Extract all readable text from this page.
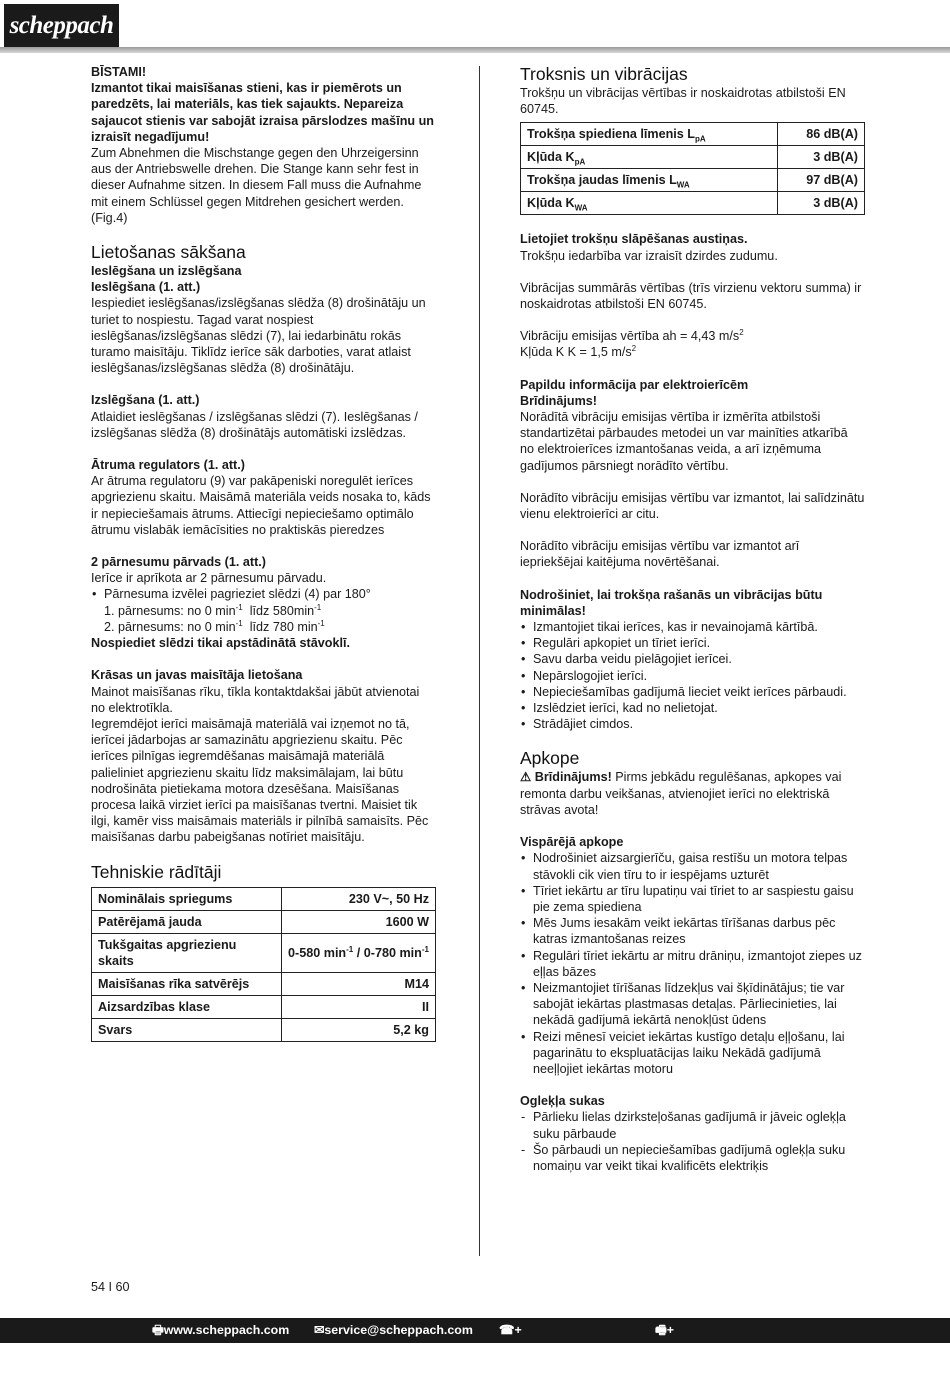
scheppach

BĪSTAMI!

Izmantot tikai maisīšanas stieni, kas ir piemērots un paredzēts, lai materiāls, kas tiek sajaukts. Nepareiza sajaucot stienis var sabojāt izraisa pārslodzes mašīnu un izraisīt negadījumu!

Zum Abnehmen die Mischstange gegen den Uhrzeigersinn aus der Antriebswelle drehen. Die Stange kann sehr fest in dieser Aufnahme sitzen. In diesem Fall muss die Aufnahme mit einem Schlüssel gegen Mitdrehen gesichert werden. (Fig.4)

Lietošanas sākšana

Ieslēgšana un izslēgšana

Ieslēgšana (1. att.)

Iespiediet ieslēgšanas/izslēgšanas slēdža (8) drošinātāju un turiet to nospiestu. Tagad varat nospiest ieslēgšanas/izslēgšanas slēdzi (7), lai iedarbinātu rokās turamo maisītāju. Tiklīdz ierīce sāk darboties, varat atlaist ieslēgšanas/izslēgšanas slēdža (8) drošinātāju.

Izslēgšana (1. att.)

Atlaidiet ieslēgšanas / izslēgšanas slēdzi (7). Ieslēgšanas / izslēgšanas slēdža (8) drošinātājs automātiski izslēdzas.

Ātruma regulators (1. att.)

Ar ātruma regulatoru (9) var pakāpeniski noregulēt ierīces apgriezienu skaitu. Maisāmā materiāla veids nosaka to, kāds ir nepieciešamais ātrums. Attiecīgi nepieciešamo optimālo ātrumu vislabāk iemācīsities no praktiskās pieredzes

2 pārnesumu pārvads (1. att.)

Ierīce ir aprīkota ar 2 pārnesumu pārvadu.

• Pārnesuma izvēlei pagrieziet slēdzi (4) par 180°

1. pārnesums: no 0 $\min^{-1}$ līdz $580\min^{-1}$

2. pārnesums: no 0 $\min^{-1}$ līdz 780 $\min^{-1}$

Nospiediet slēdzi tikai apstādinātā stāvoklī.

Krāsas un javas maisītāja lietošana

Mainot maisīšanas rīku, tīkla kontaktdakšai jābūt atvienotai no elektrotīkla.

Iegremdējot ierīci maisāmajā materiālā vai izņemot no tā, ierīcei jādarbojas ar samazinātu apgriezienu skaitu. Pēc ierīces pilnīgas iegremdēšanas maisāmajā materiālā palieliniet apgriezienu skaitu līdz maksimālajam, lai būtu nodrošināta pietiekama motora dzesēšana. Maisīšanas procesa laikā virziet ierīci pa maisīšanas tvertni. Maisiet tik ilgi, kamēr viss maisāmais materiāls ir pilnībā samaisīts. Pēc maisīšanas darbu pabeigšanas notīriet maisītāju.

Tehniskie rādītāji
Nominālais spriegums	230 V~, 50 Hz
Patērējamā jauda	1600 W
Tukšgaitas apgriezienu skaits	0-580 $\min^{-1} / 0-780$ $\min^{-1}$
Maisīšanas rīka satvērējs	M14
Aizsardzības klase	II
Svars	5,2 kg
Troksnis un vibrācijas

Trokšņu un vibrācijas vērtības ir noskaidrotas atbilstoši EN 60745.

Trokšņa spiediena līmenis $L_{pA}$	86 dB(A)
Kļūda $K_{pA}$	3 dB(A)
Trokšņa jaudas līmenis $L_{WA}$	97 dB(A)
Kļūda $K_{WA}$	3 dB(A)

Lietojiet trokšņu slāpēšanas austiņas.

Trokšņu iedarbība var izraisīt dzirdes zudumu.

Vibrācijas summārās vērtības (trīs virzienu vektoru summa) ir noskaidrotas atbilstoši EN 60745.

Vibrāciju emisijas vērtība ah = 4,43 $m/s^2$

Kļūda K K = 1,5 $m/s^2$

Papildu informācija par elektroierīcēm

Brīdinājums!

Norādītā vibrāciju emisijas vērtība ir izmērīta atbilstoši standartizētai pārbaudes metodei un var mainīties atkarībā no elektroierīces izmantošanas veida, a arī izņēmuma gadījumos pārsniegt norādīto vērtību.

Norādīto vibrāciju emisijas vērtību var izmantot, lai salīdzinātu vienu elektroierīci ar citu.

Norādīto vibrāciju emisijas vērtību var izmantot arī iepriekšējai kaitējuma novērtēšanai.

Nodrošiniet, lai trokšņa rašanās un vibrācijas būtu minimālas!

• Izmantojiet tikai ierīces, kas ir nevainojamā kārtībā.
• Regulāri apkopiet un tīriet ierīci.
• Savu darba veidu pielāgojiet ierīcei.
• Nepārslogojiet ierīci.
• Nepieciešamības gadījumā lieciet veikt ierīces pārbaudi.
• Izslēdziet ierīci, kad no nelietojat.
• Strādājiet cimdos.
Apkope

⚠ Brīdinājums! Pirms jebkādu regulēšanas, apkopes vai remonta darbu veikšanas, atvienojiet ierīci no elektriskā strāvas avota!

Vispārējā apkope

• Nodrošiniet aizsargierīču, gaisa restīšu un motora telpas stāvokli cik vien tīru to ir iespējams uzturēt
• Tīriet iekārtu ar tīru lupatiņu vai tīriet to ar saspiestu gaisu pie zema spiediena
• Mēs Jums iesakām veikt iekārtas tīrīšanas darbus pēc katras izmantošanas reizes
• Regulāri tīriet iekārtu ar mitru drāniņu, izmantojot ziepes uz eļļas bāzes
• Neizmantojiet tīrīšanas līdzekļus vai šķīdinātājus; tie var sabojāt iekārtas plastmasas detaļas. Pārliecinieties, lai nekādā gadījumā iekārtā nenokļūst ūdens
• Reizi mēnesī veiciet iekārtas kustīgo detaļu eļļošanu, lai pagarinātu to ekspluatācijas laiku Nekādā gadījumā neeļļojiet iekārtas motoru

Ogleķļa sukas

- Pārlieku lielas dzirksteļošanas gadījumā ir jāveic ogleķļa suku pārbaude
- Šo pārbaudi un nepieciešamības gadījumā ogleķļa suku nomaiņu var veikt tikai kvalificēts elektriķis
54 I 60
🖶 www.scheppach.com ✉ service@scheppach.com ☎ +(49)-08223-4002-99
🖷 +(49)-08223-4002-58
